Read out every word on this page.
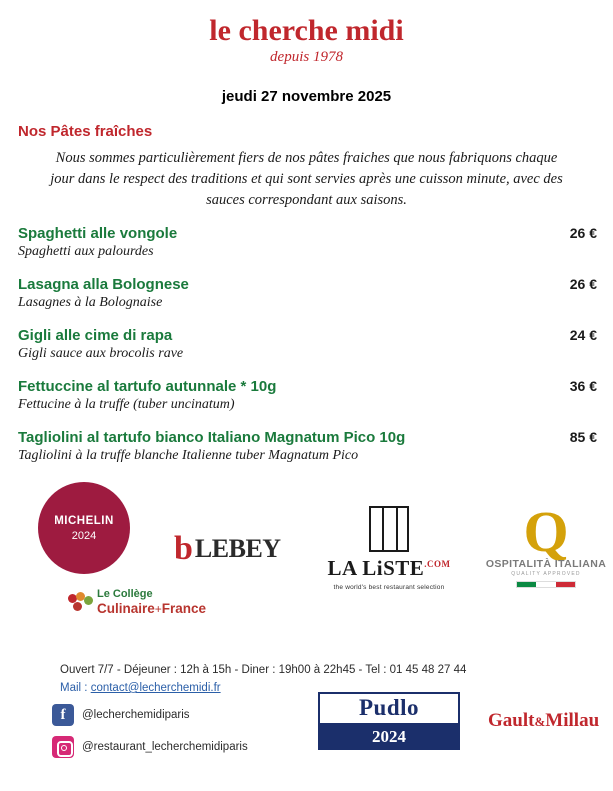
le cherche midi
depuis 1978
jeudi 27 novembre 2025
Nos Pâtes fraîches
Nous sommes particulièrement fiers de nos pâtes fraiches que nous fabriquons chaque jour dans le respect des traditions et qui sont servies après une cuisson minute, avec des sauces correspondant aux saisons.
Spaghetti alle vongole	26 €
Spaghetti aux palourdes
Lasagna alla Bolognese	26 €
Lasagnes à la Bolognaise
Gigli alle cime di rapa	24 €
Gigli sauce aux brocolis rave
Fettuccine al tartufo autunnale * 10g	36 €
Fettucine à la truffe (tuber uncinatum)
Tagliolini al tartufo bianco Italiano Magnatum Pico 10g	85 €
Tagliolini à la truffe blanche Italienne tuber Magnatum Pico
MICHELIN
2024 b LEBEY
LA LiSTE$^{.COM}$
the world's best restaurant selection
Q
OSPITALITÀ ITALIANA
QUALITY APPROVED
Le Collège
Culinaire+France
Ouvert 7/7 - Déjeuner : 12h à 15h - Diner : 19h00 à 22h45 - Tel : 01 45 48 27 44
Mail : contact@lecherchemidi.fr
f	@lecherchemidiparis
@restaurant_lecherchemidiparis
Pudlo
2024
Gault&Millau
